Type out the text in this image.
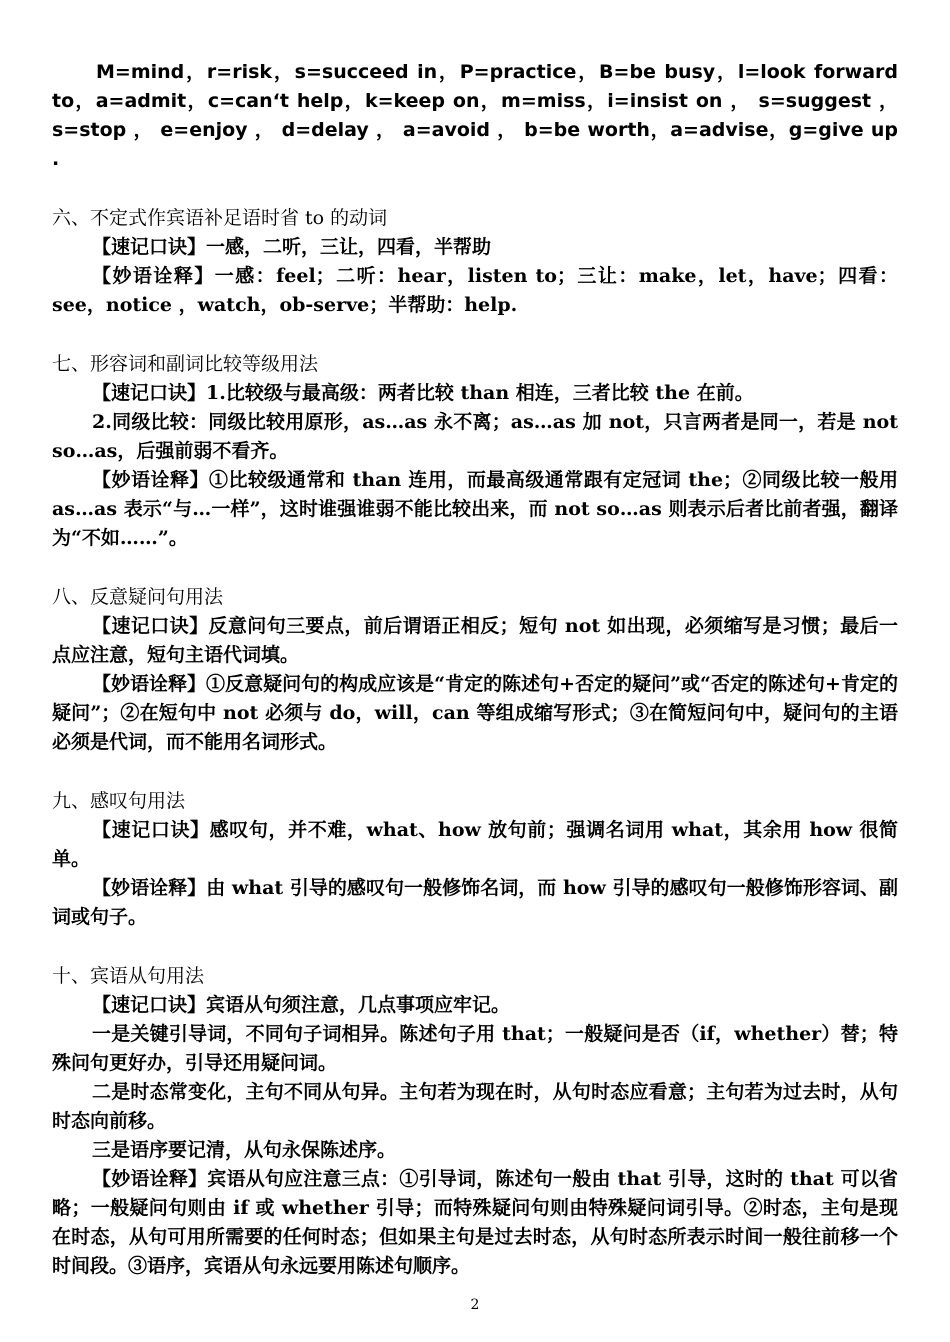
M=mind，r=risk，s=succeed in，P=practice，B=be busy，l=look forward to，a=admit，c=can‘t help，k=keep on，m=miss，i=insist on ， s=suggest ， s=stop ， e=enjoy ， d=delay ， a=avoid ， b=be worth，a=advise，g=give up .

六、不定式作宾语补足语时省 to 的动词

【速记口诀】一感，二听，三让，四看，半帮助

【妙语诠释】一感：feel；二听：hear，listen to；三让：make，let，have；四看：see，notice ，watch，ob-serve；半帮助：help.

七、形容词和副词比较等级用法

【速记口诀】1.比较级与最高级：两者比较 than 相连，三者比较 the 在前。

2.同级比较：同级比较用原形，as…as 永不离；as…as 加 not，只言两者是同一，若是 not so…as，后强前弱不看齐。

【妙语诠释】①比较级通常和 than 连用，而最高级通常跟有定冠词 the；②同级比较一般用 as…as 表示“与…一样”，这时谁强谁弱不能比较出来，而 not so…as 则表示后者比前者强，翻译为“不如……”。

八、反意疑问句用法

【速记口诀】反意问句三要点，前后谓语正相反；短句 not 如出现，必须缩写是习惯；最后一点应注意，短句主语代词填。

【妙语诠释】①反意疑问句的构成应该是“肯定的陈述句+否定的疑问”或“否定的陈述句+肯定的疑问”；②在短句中 not 必须与 do，will，can 等组成缩写形式；③在简短问句中，疑问句的主语必须是代词，而不能用名词形式。

九、感叹句用法

【速记口诀】感叹句，并不难，what、how 放句前；强调名词用 what，其余用 how 很简单。

【妙语诠释】由 what 引导的感叹句一般修饰名词，而 how 引导的感叹句一般修饰形容词、副词或句子。

十、宾语从句用法

【速记口诀】宾语从句须注意，几点事项应牢记。

一是关键引导词，不同句子词相异。陈述句子用 that；一般疑问是否（if，whether）替；特殊问句更好办，引导还用疑问词。

二是时态常变化，主句不同从句异。主句若为现在时，从句时态应看意；主句若为过去时，从句时态向前移。

三是语序要记清，从句永保陈述序。

【妙语诠释】宾语从句应注意三点：①引导词，陈述句一般由 that 引导，这时的 that 可以省略；一般疑问句则由 if 或 whether 引导；而特殊疑问句则由特殊疑问词引导。②时态，主句是现在时态，从句可用所需要的任何时态；但如果主句是过去时态，从句时态所表示时间一般往前移一个时间段。③语序，宾语从句永远要用陈述句顺序。

2
